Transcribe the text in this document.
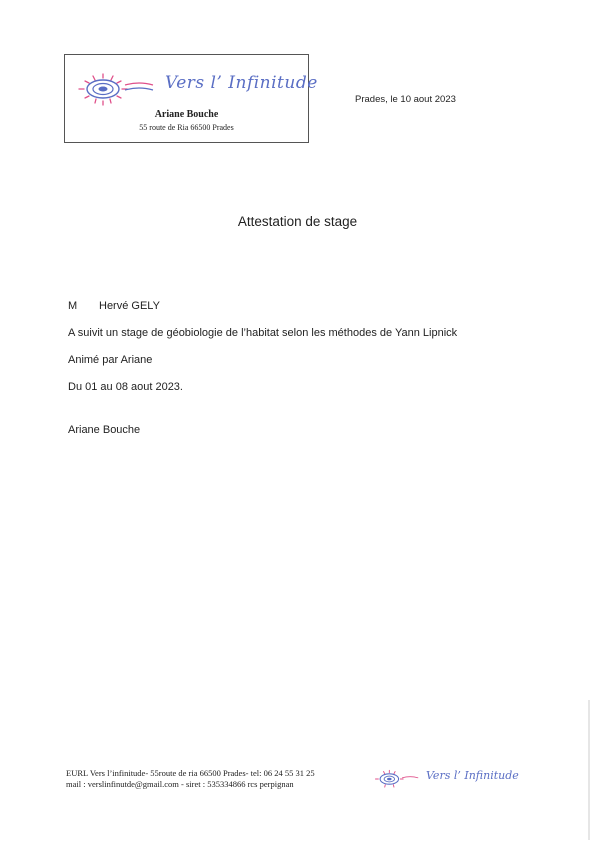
Vers l’ Infinitude
Ariane Bouche
55 route de Ria 66500 Prades
Prades, le 10 aout 2023
Attestation de stage
M Hervé GELY
A suivit un stage de géobiologie de l’habitat selon les méthodes de Yann Lipnick
Animé par Ariane
Du 01 au 08 aout 2023.
Ariane Bouche
EURL Vers l’infinitude- 55route de ria 66500 Prades- tel: 06 24 55 31 25
mail : verslinfinutde@gmail.com - siret : 535334866 rcs perpignan
Vers l’ Infinitude
